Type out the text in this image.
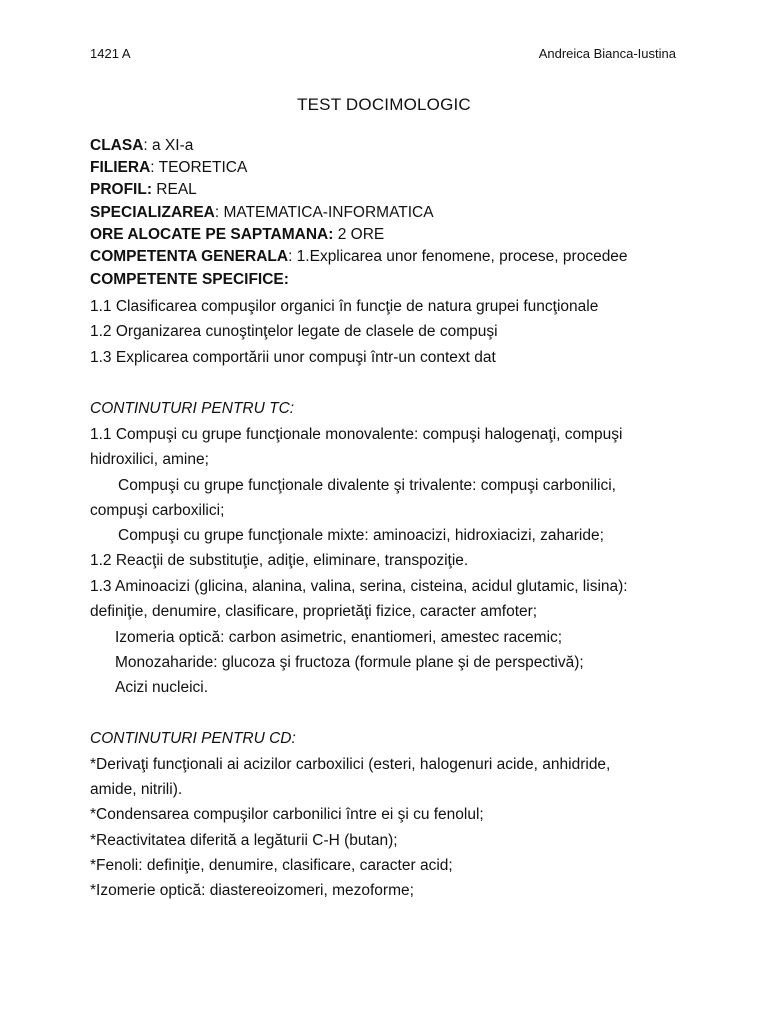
1421 A	Andreica Bianca-Iustina
TEST DOCIMOLOGIC
CLASA: a XI-a
FILIERA: TEORETICA
PROFIL: REAL
SPECIALIZAREA: MATEMATICA-INFORMATICA
ORE ALOCATE PE SAPTAMANA: 2 ORE
COMPETENTA GENERALA: 1.Explicarea unor fenomene, procese, procedee
COMPETENTE SPECIFICE:
1.1 Clasificarea compuşilor organici în funcţie de natura grupei funcţionale
1.2 Organizarea cunoştinţelor legate de clasele de compuşi
1.3 Explicarea comportării unor compuşi într-un context dat
CONTINUTURI PENTRU TC:
1.1 Compuşi cu grupe funcţionale monovalente: compuşi halogenaţi, compuşi
hidroxilici, amine;
Compuşi cu grupe funcţionale divalente şi trivalente: compuşi carbonilici,
compuşi carboxilici;
Compuşi cu grupe funcţionale mixte: aminoacizi, hidroxiacizi, zaharide;
1.2 Reacţii de substituţie, adiţie, eliminare, transpoziţie.
1.3 Aminoacizi (glicina, alanina, valina, serina, cisteina, acidul glutamic, lisina):
definiţie, denumire, clasificare, proprietăţi fizice, caracter amfoter;
Izomeria optică: carbon asimetric, enantiomeri, amestec racemic;
Monozaharide: glucoza şi fructoza (formule plane şi de perspectivă);
Acizi nucleici.
CONTINUTURI PENTRU CD:
*Derivaţi funcţionali ai acizilor carboxilici (esteri, halogenuri acide, anhidride,
amide, nitrili).
*Condensarea compuşilor carbonilici între ei şi cu fenolul;
*Reactivitatea diferită a legăturii C-H (butan);
*Fenoli: definiţie, denumire, clasificare, caracter acid;
*Izomerie optică: diastereoizomeri, mezoforme;
